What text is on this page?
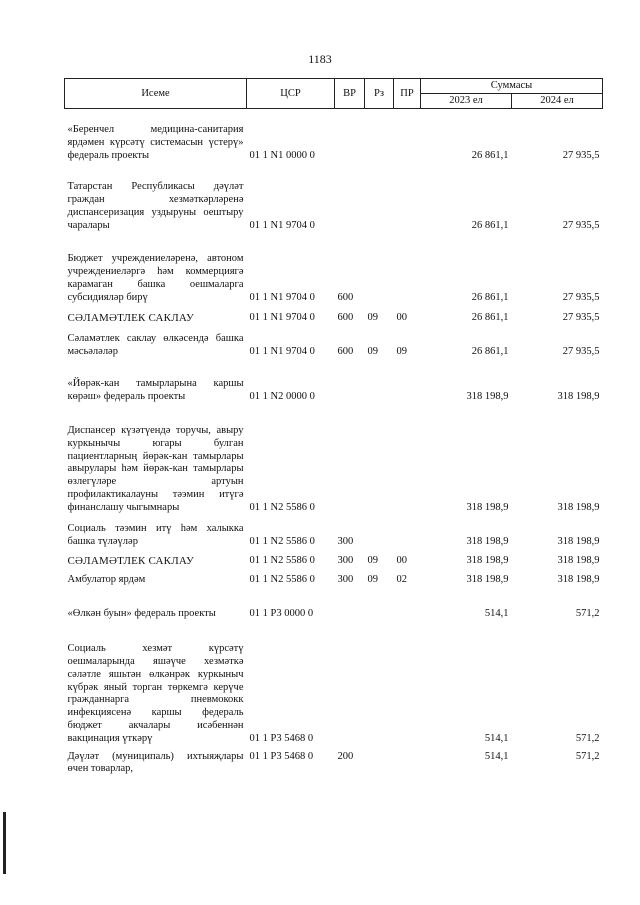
1183
Исеме	ЦСР	ВР	Рз	ПР	Суммасы	
					2023 ел	2024 ел
«Беренчел медицина-санитария ярдәмен күрсәтү системасын үстерү» федераль проекты	01 1 N1 0000 0				26 861,1	27 935,5
Татарстан Республикасы дәүләт граждан хезмәткәрләренә диспансеризация уздыруны оештыру чаралары	01 1 N1 9704 0				26 861,1	27 935,5
Бюджет учреждениеләренә, автоном учреждениеләргә һәм коммерциягә карамаган башка оешмаларга субсидияләр бирү	01 1 N1 9704 0	600			26 861,1	27 935,5
СӘЛАМӘТЛЕК САКЛАУ	01 1 N1 9704 0	600	09	00	26 861,1	27 935,5
Сәламәтлек саклау өлкәсендә башка мәсьәләләр	01 1 N1 9704 0	600	09	09	26 861,1	27 935,5
«Йөрәк-кан тамырларына каршы көрәш» федераль проекты	01 1 N2 0000 0				318 198,9	318 198,9
Диспансер күзәтүендә торучы, авыру куркынычы югары булган пациентларның йөрәк-кан тамырлары авырулары һәм йөрәк-кан тамырлары өзлегүләре артуын профилактикалауны тәэмин итүгә финанслашу чыгымнары	01 1 N2 5586 0				318 198,9	318 198,9
Социаль тәэмин итү һәм халыкка башка түләүләр	01 1 N2 5586 0	300			318 198,9	318 198,9
СӘЛАМӘТЛЕК САКЛАУ	01 1 N2 5586 0	300	09	00	318 198,9	318 198,9
Амбулатор ярдәм	01 1 N2 5586 0	300	09	02	318 198,9	318 198,9
«Өлкән буын» федераль проекты	01 1 P3 0000 0				514,1	571,2
Социаль хезмәт күрсәтү оешмаларында яшәүче хезмәткә сәләтле яшьтән өлкәнрәк куркыныч күбрәк яный торган төркемгә керүче гражданнарга пневмококк инфекциясенә каршы федераль бюджет акчалары исәбеннән вакцинация үткәрү	01 1 P3 5468 0				514,1	571,2
Дәүләт (муниципаль) ихтыяҗлары өчен товарлар,	01 1 P3 5468 0	200			514,1	571,2
